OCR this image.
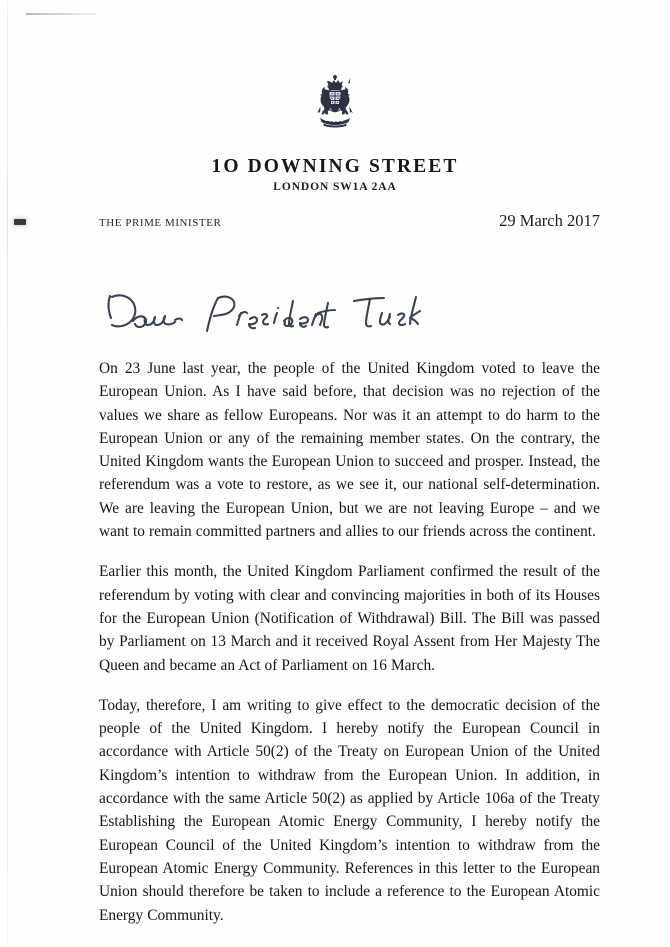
1O DOWNING STREET
LONDON SW1A 2AA
THE PRIME MINISTER	29 March 2017

On 23 June last year, the people of the United Kingdom voted to leave the European Union. As I have said before, that decision was no rejection of the values we share as fellow Europeans. Nor was it an attempt to do harm to the European Union or any of the remaining member states. On the contrary, the United Kingdom wants the European Union to succeed and prosper. Instead, the referendum was a vote to restore, as we see it, our national self-determination. We are leaving the European Union, but we are not leaving Europe – and we want to remain committed partners and allies to our friends across the continent.

Earlier this month, the United Kingdom Parliament confirmed the result of the referendum by voting with clear and convincing majorities in both of its Houses for the European Union (Notification of Withdrawal) Bill. The Bill was passed by Parliament on 13 March and it received Royal Assent from Her Majesty The Queen and became an Act of Parliament on 16 March.

Today, therefore, I am writing to give effect to the democratic decision of the people of the United Kingdom. I hereby notify the European Council in accordance with Article 50(2) of the Treaty on European Union of the United Kingdom’s intention to withdraw from the European Union. In addition, in accordance with the same Article 50(2) as applied by Article 106a of the Treaty Establishing the European Atomic Energy Community, I hereby notify the European Council of the United Kingdom’s intention to withdraw from the European Atomic Energy Community. References in this letter to the European Union should therefore be taken to include a reference to the European Atomic Energy Community.
